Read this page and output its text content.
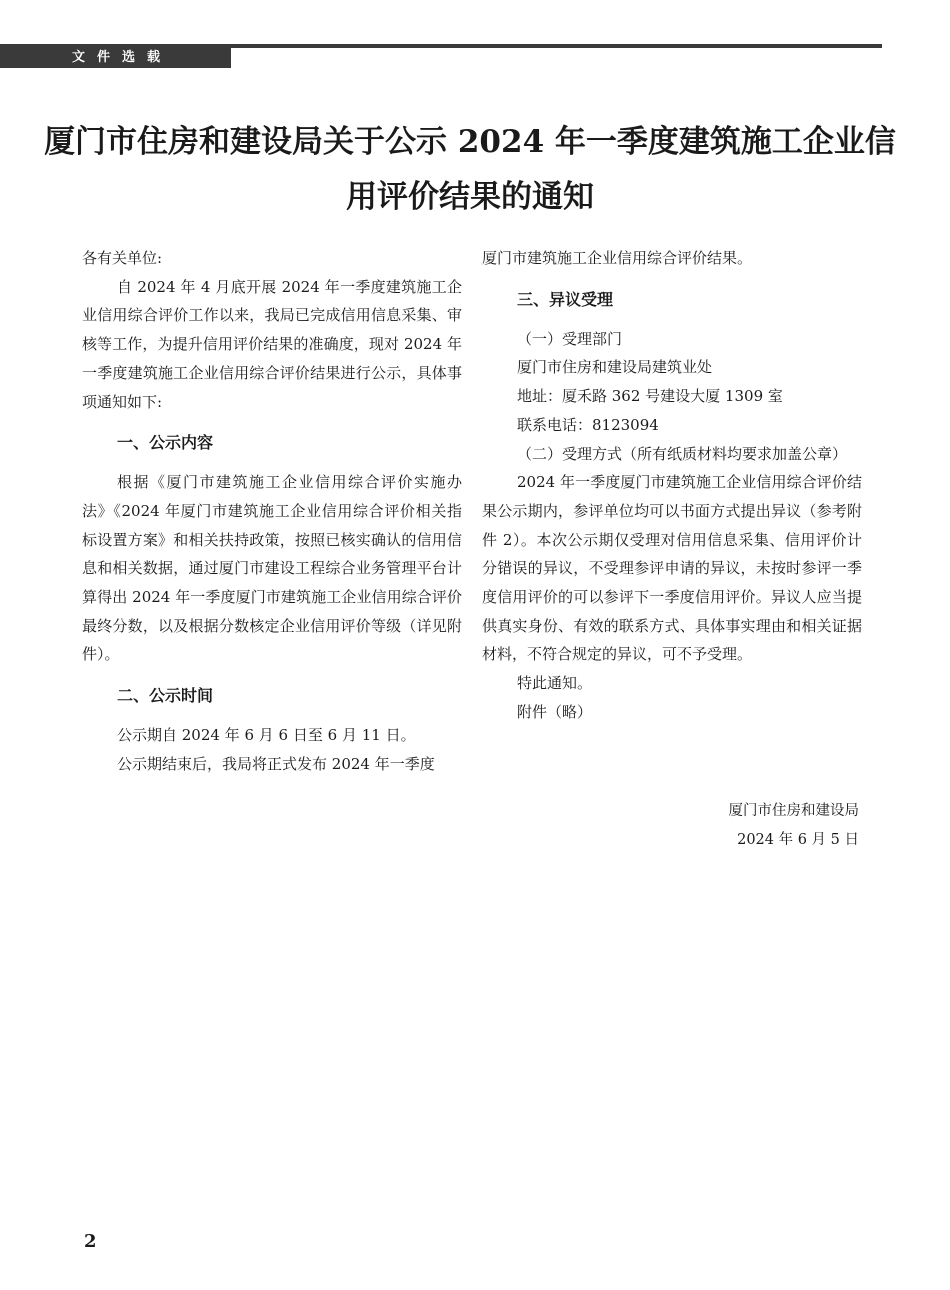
文件选载
厦门市住房和建设局关于公示 2024 年一季度建筑施工企业信用评价结果的通知

各有关单位:

自 2024 年 4 月底开展 2024 年一季度建筑施工企业信用综合评价工作以来，我局已完成信用信息采集、审核等工作，为提升信用评价结果的准确度，现对 2024 年一季度建筑施工企业信用综合评价结果进行公示，具体事项通知如下:

一、公示内容

根据《厦门市建筑施工企业信用综合评价实施办法》《2024 年厦门市建筑施工企业信用综合评价相关指标设置方案》和相关扶持政策，按照已核实确认的信用信息和相关数据，通过厦门市建设工程综合业务管理平台计算得出 2024 年一季度厦门市建筑施工企业信用综合评价最终分数，以及根据分数核定企业信用评价等级（详见附件）。

二、公示时间

公示期自 2024 年 6 月 6 日至 6 月 11 日。

公示期结束后，我局将正式发布 2024 年一季度

厦门市建筑施工企业信用综合评价结果。

三、异议受理

（一）受理部门

厦门市住房和建设局建筑业处

地址：厦禾路 362 号建设大厦 1309 室

联系电话：8123094

（二）受理方式（所有纸质材料均要求加盖公章）

2024 年一季度厦门市建筑施工企业信用综合评价结果公示期内，参评单位均可以书面方式提出异议（参考附件 2）。本次公示期仅受理对信用信息采集、信用评价计分错误的异议，不受理参评申请的异议，未按时参评一季度信用评价的可以参评下一季度信用评价。异议人应当提供真实身份、有效的联系方式、具体事实理由和相关证据材料，不符合规定的异议，可不予受理。

特此通知。

附件（略）

厦门市住房和建设局
2024 年 6 月 5 日
2
